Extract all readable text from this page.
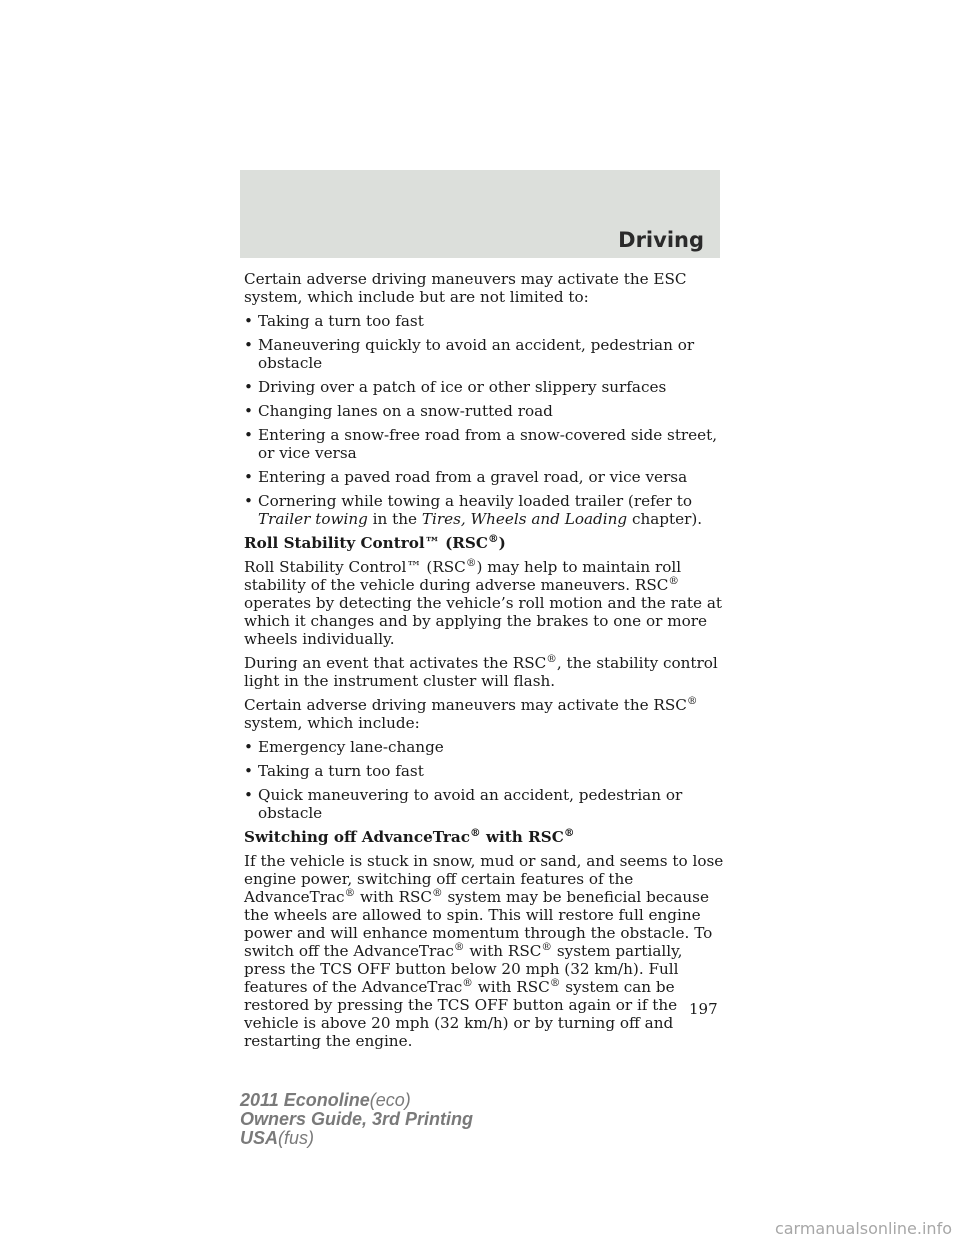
Driving

Certain adverse driving maneuvers may activate the ESC system, which include but are not limited to:

• Taking a turn too fast
• Maneuvering quickly to avoid an accident, pedestrian or obstacle
• Driving over a patch of ice or other slippery surfaces
• Changing lanes on a snow-rutted road
• Entering a snow-free road from a snow-covered side street, or vice versa
• Entering a paved road from a gravel road, or vice versa
• Cornering while towing a heavily loaded trailer (refer to Trailer towing in the Tires, Wheels and Loading chapter).

Roll Stability Control™ (RSC®)

Roll Stability Control™ (RSC®) may help to maintain roll stability of the vehicle during adverse maneuvers. RSC® operates by detecting the vehicle’s roll motion and the rate at which it changes and by applying the brakes to one or more wheels individually.

During an event that activates the RSC®, the stability control light in the instrument cluster will flash.

Certain adverse driving maneuvers may activate the RSC® system, which include:

• Emergency lane-change
• Taking a turn too fast
• Quick maneuvering to avoid an accident, pedestrian or obstacle

Switching off AdvanceTrac® with RSC®

If the vehicle is stuck in snow, mud or sand, and seems to lose engine power, switching off certain features of the AdvanceTrac® with RSC® system may be beneficial because the wheels are allowed to spin. This will restore full engine power and will enhance momentum through the obstacle. To switch off the AdvanceTrac® with RSC® system partially, press the TCS OFF button below 20 mph (32 km/h). Full features of the AdvanceTrac® with RSC® system can be restored by pressing the TCS OFF button again or if the vehicle is above 20 mph (32 km/h) or by turning off and restarting the engine.

197
2011 Econoline(eco)
Owners Guide, 3rd Printing
USA(fus)
carmanualsonline.info
